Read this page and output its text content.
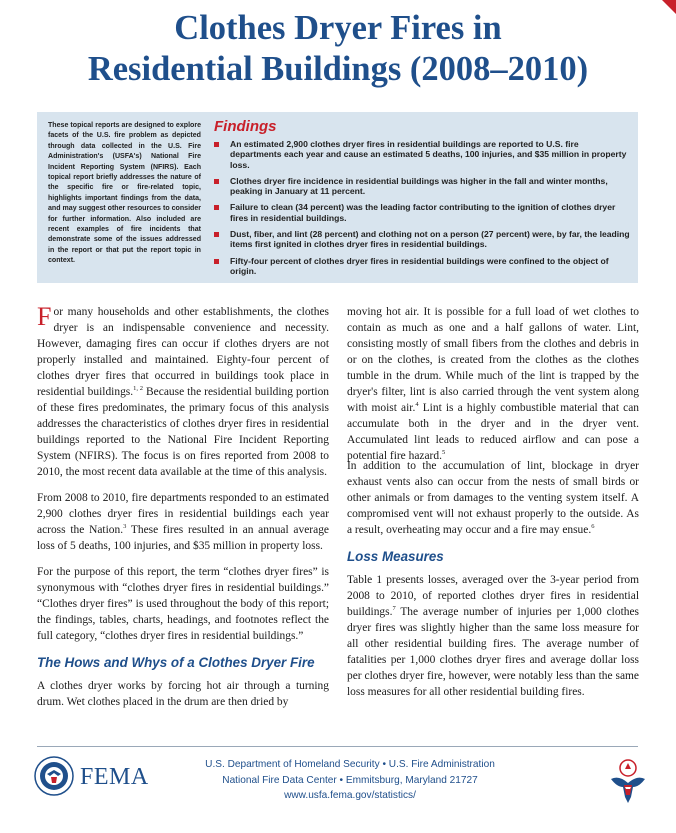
Clothes Dryer Fires in
Residential Buildings (2008–2010)
These topical reports are designed to explore facets of the U.S. fire problem as depicted through data collected in the U.S. Fire Administration's (USFA's) National Fire Incident Reporting System (NFIRS). Each topical report briefly addresses the nature of the specific fire or fire-related topic, highlights important findings from the data, and may suggest other resources to consider for further information. Also included are recent examples of fire incidents that demonstrate some of the issues addressed in the report or that put the report topic in context.
Findings
An estimated 2,900 clothes dryer fires in residential buildings are reported to U.S. fire departments each year and cause an estimated 5 deaths, 100 injuries, and $35 million in property loss.
Clothes dryer fire incidence in residential buildings was higher in the fall and winter months, peaking in January at 11 percent.
Failure to clean (34 percent) was the leading factor contributing to the ignition of clothes dryer fires in residential buildings.
Dust, fiber, and lint (28 percent) and clothing not on a person (27 percent) were, by far, the leading items first ignited in clothes dryer fires in residential buildings.
Fifty-four percent of clothes dryer fires in residential buildings were confined to the object of origin.

For many households and other establishments, the clothes dryer is an indispensable convenience and necessity. However, damaging fires can occur if clothes dryers are not properly installed and maintained. Eighty-four percent of clothes dryer fires that occurred in buildings took place in residential buildings.$^{1, 2}$ Because the residential building portion of these fires predominates, the primary focus of this analysis addresses the characteristics of clothes dryer fires in residential buildings reported to the National Fire Incident Reporting System (NFIRS). The focus is on fires reported from 2008 to 2010, the most recent data available at the time of this analysis.

From 2008 to 2010, fire departments responded to an estimated 2,900 clothes dryer fires in residential buildings each year across the Nation.$^3$ These fires resulted in an annual average loss of 5 deaths, 100 injuries, and $35 million in property loss.

For the purpose of this report, the term “clothes dryer fires” is synonymous with “clothes dryer fires in residential buildings.” “Clothes dryer fires” is used throughout the body of this report; the findings, tables, charts, headings, and footnotes reflect the full category, “clothes dryer fires in residential buildings.”

The Hows and Whys of a Clothes Dryer Fire

A clothes dryer works by forcing hot air through a turning drum. Wet clothes placed in the drum are then dried by

moving hot air. It is possible for a full load of wet clothes to contain as much as one and a half gallons of water. Lint, consisting mostly of small fibers from the clothes and debris in or on the clothes, is created from the clothes as the clothes tumble in the drum. While much of the lint is trapped by the dryer's filter, lint is also carried through the vent system along with moist air.$^4$ Lint is a highly combustible material that can accumulate both in the dryer and in the dryer vent. Accumulated lint leads to reduced airflow and can pose a potential fire hazard.$^5$

In addition to the accumulation of lint, blockage in dryer exhaust vents also can occur from the nests of small birds or other animals or from damages to the venting system itself. A compromised vent will not exhaust properly to the outside. As a result, overheating may occur and a fire may ensue.$^6$

Loss Measures

Table 1 presents losses, averaged over the 3-year period from 2008 to 2010, of reported clothes dryer fires in residential buildings.$^7$ The average number of injuries per 1,000 clothes dryer fires was slightly higher than the same loss measure for all other residential building fires. The average number of fatalities per 1,000 clothes dryer fires and average dollar loss per clothes dryer fire, however, were notably less than the same loss measures for all other residential building fires.

FEMA	U.S. Department of Homeland Security • U.S. Fire Administration
National Fire Data Center • Emmitsburg, Maryland 21727
www.usfa.fema.gov/statistics/
